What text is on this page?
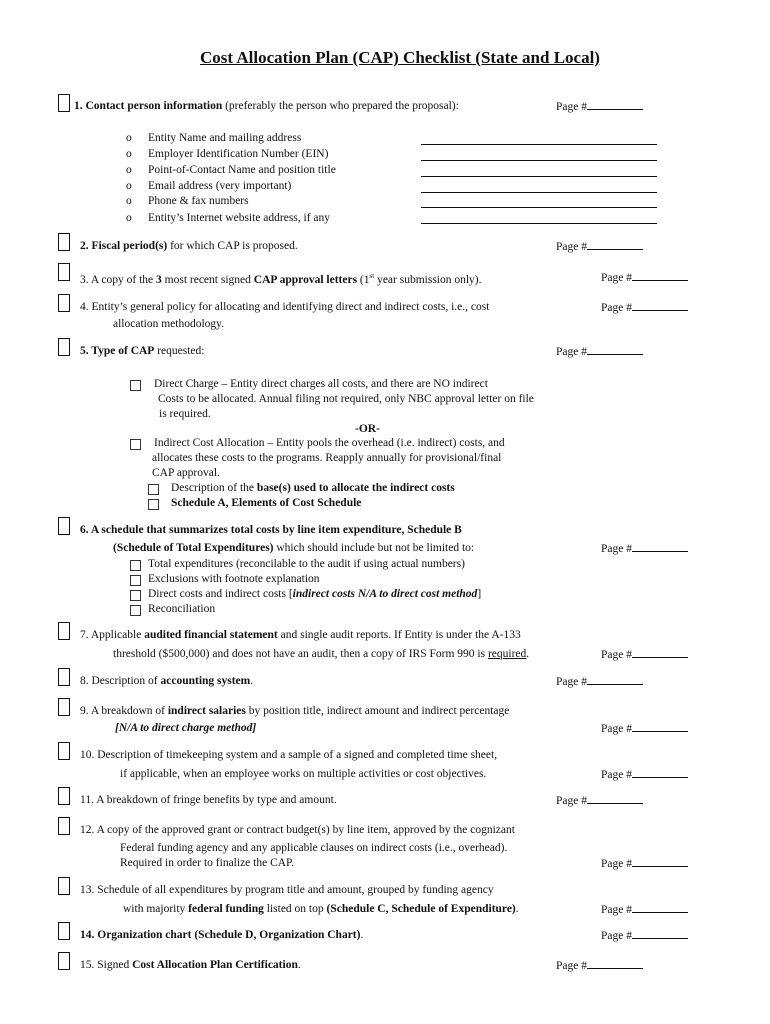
Cost Allocation Plan (CAP) Checklist (State and Local)
1. Contact person information (preferably the person who prepared the proposal):	Page #
o Entity Name and mailing address
o Employer Identification Number (EIN)
o Point-of-Contact Name and position title
o Email address (very important)
o Phone & fax numbers
o Entity’s Internet website address, if any
2. Fiscal period(s) for which CAP is proposed.	Page #
3. A copy of the 3 most recent signed CAP approval letters (1st year submission only).	Page #
4. Entity’s general policy for allocating and identifying direct and indirect costs, i.e., cost
allocation methodology.
Page #
5. Type of CAP requested:	Page #
Direct Charge – Entity direct charges all costs, and there are NO indirect
Costs to be allocated. Annual filing not required, only NBC approval letter on file
is required.
-OR-
Indirect Cost Allocation – Entity pools the overhead (i.e. indirect) costs, and
allocates these costs to the programs. Reapply annually for provisional/final
CAP approval.
Description of the base(s) used to allocate the indirect costs
Schedule A, Elements of Cost Schedule
6. A schedule that summarizes total costs by line item expenditure, Schedule B
(Schedule of Total Expenditures) which should include but not be limited to:	Page #
Total expenditures (reconcilable to the audit if using actual numbers)
Exclusions with footnote explanation
Direct costs and indirect costs [indirect costs N/A to direct cost method]
Reconciliation
7. Applicable audited financial statement and single audit reports. If Entity is under the A-133
threshold ($500,000) and does not have an audit, then a copy of IRS Form 990 is required.	Page #
8. Description of accounting system.	Page #
9. A breakdown of indirect salaries by position title, indirect amount and indirect percentage
[N/A to direct charge method]	Page #
10. Description of timekeeping system and a sample of a signed and completed time sheet,
if applicable, when an employee works on multiple activities or cost objectives.	Page #
11. A breakdown of fringe benefits by type and amount.	Page #
12. A copy of the approved grant or contract budget(s) by line item, approved by the cognizant
Federal funding agency and any applicable clauses on indirect costs (i.e., overhead).
Required in order to finalize the CAP.	Page #
13. Schedule of all expenditures by program title and amount, grouped by funding agency
with majority federal funding listed on top (Schedule C, Schedule of Expenditure).	Page #
14. Organization chart (Schedule D, Organization Chart).	Page #
15. Signed Cost Allocation Plan Certification.	Page #
